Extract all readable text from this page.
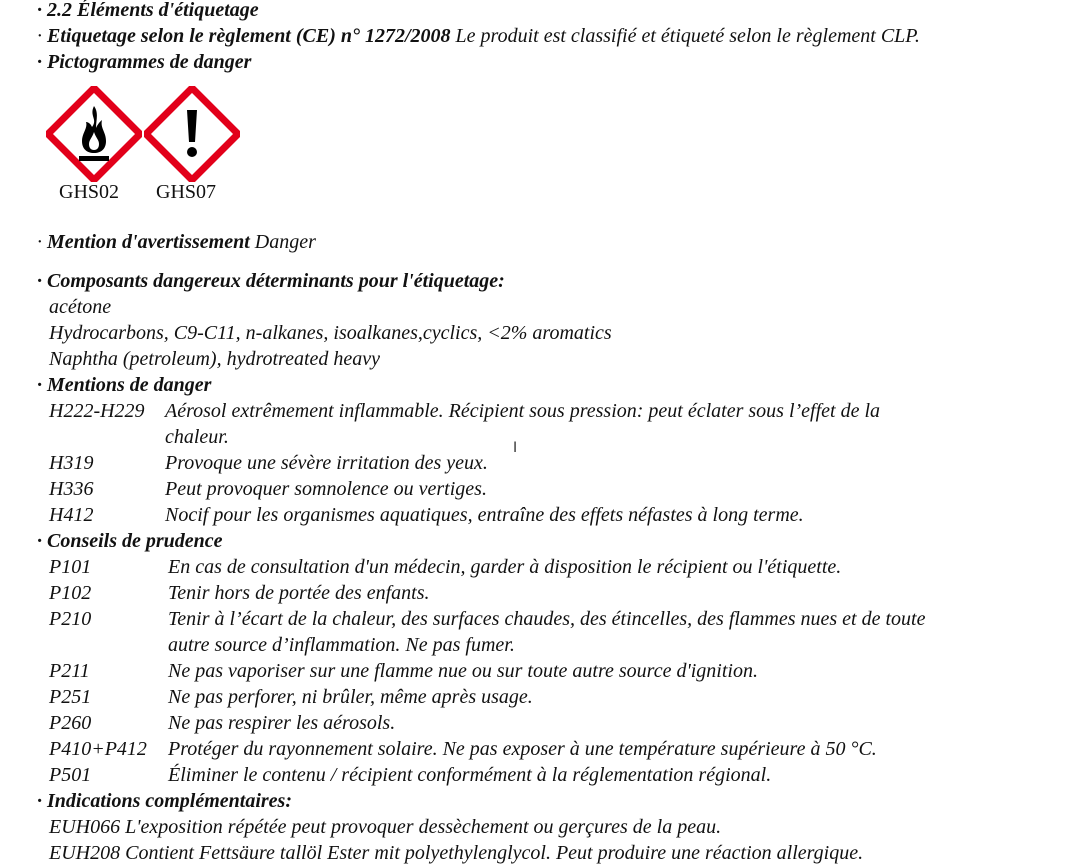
· 2.2 Éléments d'étiquetage
· Etiquetage selon le règlement (CE) n° 1272/2008 Le produit est classifié et étiqueté selon le règlement CLP.
· Pictogrammes de danger
GHS02 GHS07
· Mention d'avertissement Danger
· Composants dangereux déterminants pour l'étiquetage:
acétone
Hydrocarbons, C9-C11, n-alkanes, isoalkanes,cyclics, <2% aromatics
Naphtha (petroleum), hydrotreated heavy
· Mentions de danger
H222-H229 Aérosol extrêmement inflammable. Récipient sous pression: peut éclater sous l’effet de la
chaleur.
H319	Provoque une sévère irritation des yeux.
H336	Peut provoquer somnolence ou vertiges.
H412	Nocif pour les organismes aquatiques, entraîne des effets néfastes à long terme.
· Conseils de prudence
P101	En cas de consultation d'un médecin, garder à disposition le récipient ou l'étiquette.
P102	Tenir hors de portée des enfants.
P210	Tenir à l’écart de la chaleur, des surfaces chaudes, des étincelles, des flammes nues et de toute
autre source d’inflammation. Ne pas fumer.
P211	Ne pas vaporiser sur une flamme nue ou sur toute autre source d'ignition.
P251	Ne pas perforer, ni brûler, même après usage.
P260	Ne pas respirer les aérosols.
P410+P412 Protéger du rayonnement solaire. Ne pas exposer à une température supérieure à 50 °C.
P501	Éliminer le contenu / récipient conformément à la réglementation régional.
· Indications complémentaires:
EUH066 L'exposition répétée peut provoquer dessèchement ou gerçures de la peau.
EUH208 Contient Fettsäure tallöl Ester mit polyethylenglycol. Peut produire une réaction allergique.
I
